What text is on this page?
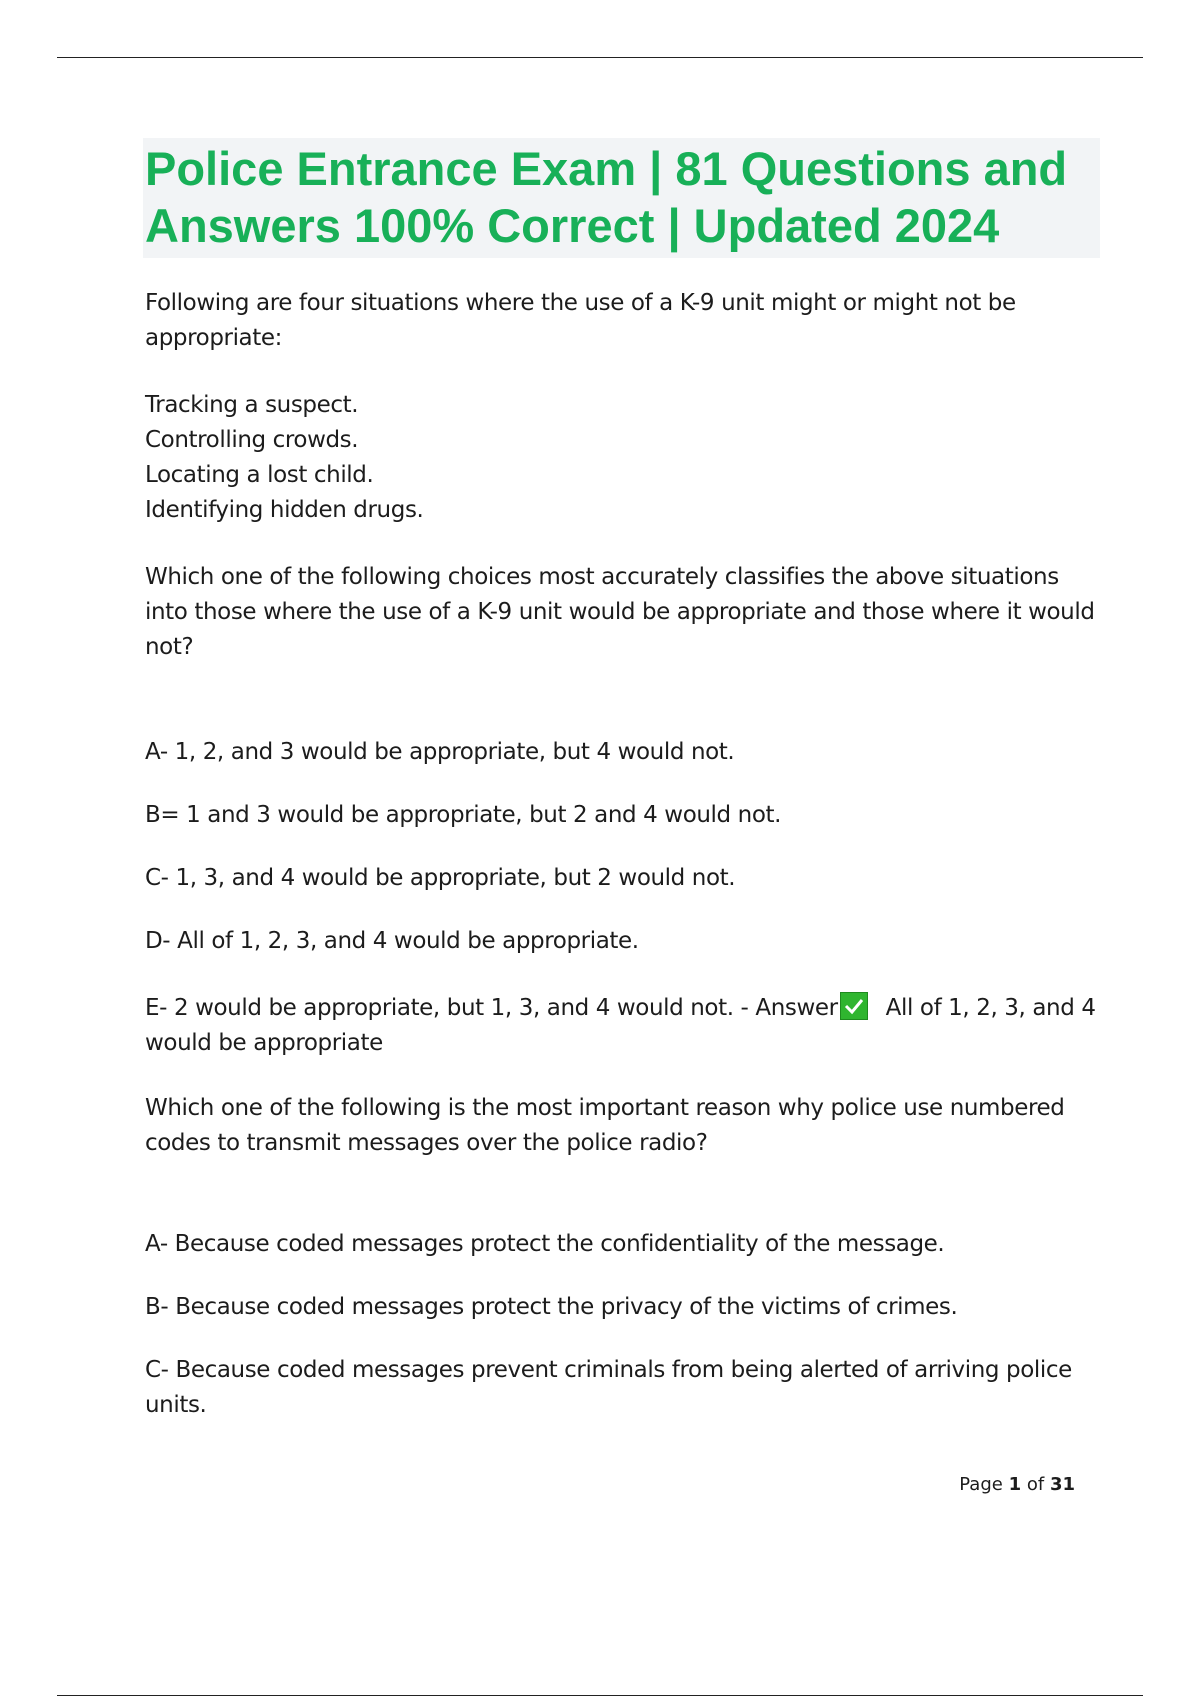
Police Entrance Exam | 81 Questions and Answers 100% Correct | Updated 2024

Following are four situations where the use of a K-9 unit might or might not be appropriate:

Tracking a suspect.

Controlling crowds.

Locating a lost child.

Identifying hidden drugs.

Which one of the following choices most accurately classifies the above situations into those where the use of a K-9 unit would be appropriate and those where it would not?

A- 1, 2, and 3 would be appropriate, but 4 would not.

B= 1 and 3 would be appropriate, but 2 and 4 would not.

C- 1, 3, and 4 would be appropriate, but 2 would not.

D- All of 1, 2, 3, and 4 would be appropriate.

E- 2 would be appropriate, but 1, 3, and 4 would not. - Answer All of 1, 2, 3, and 4 would be appropriate

Which one of the following is the most important reason why police use numbered codes to transmit messages over the police radio?

A- Because coded messages protect the confidentiality of the message.

B- Because coded messages protect the privacy of the victims of crimes.

C- Because coded messages prevent criminals from being alerted of arriving police units.

Page 1 of 31
